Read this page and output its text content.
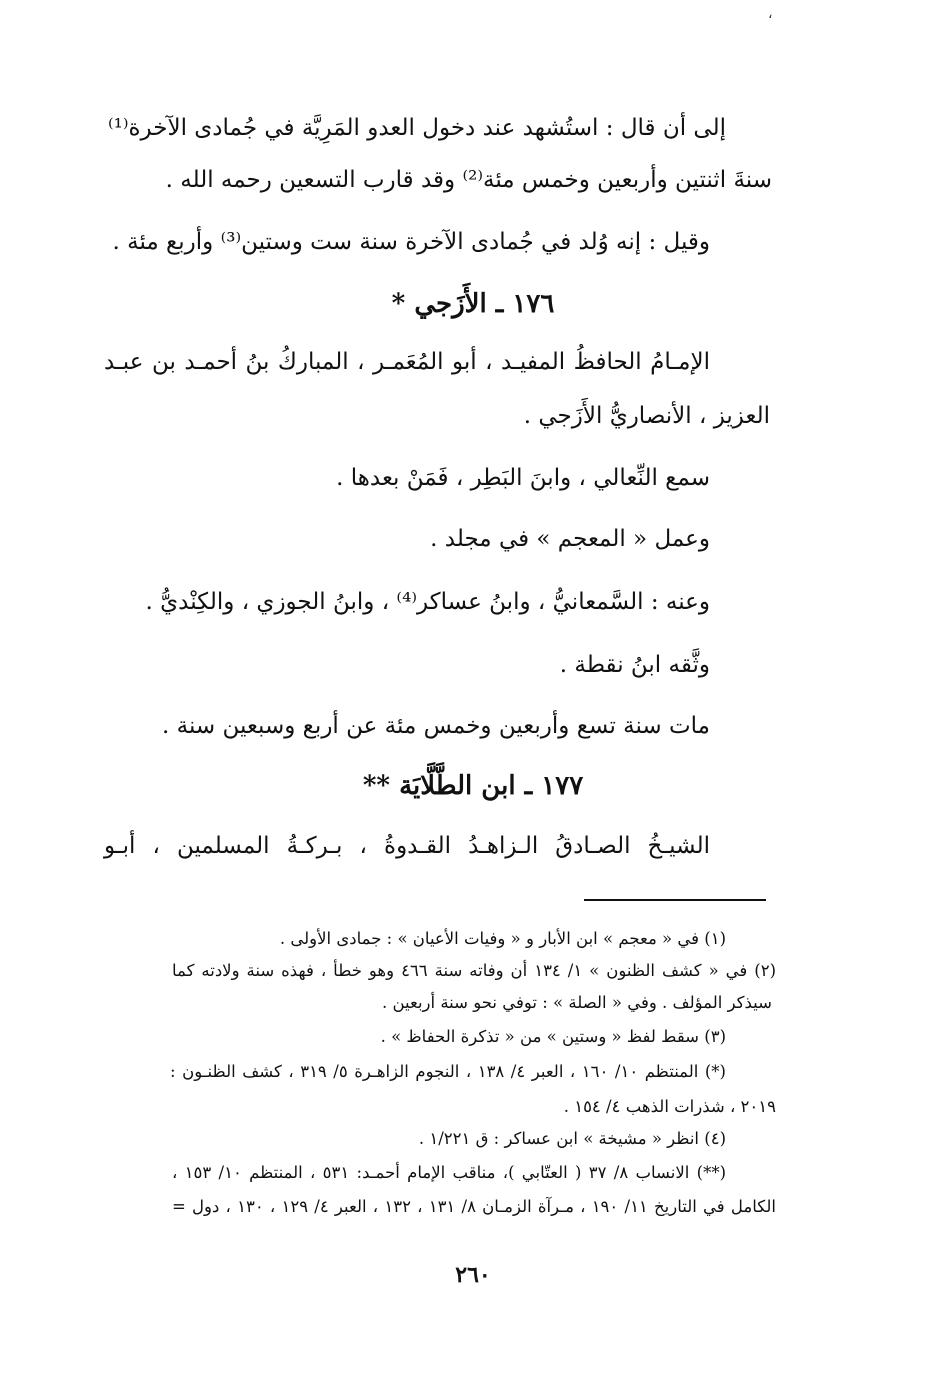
،
إلى أن قال : استُشهد عند دخول العدو المَرِيَّة في جُمادى الآخرة⁽¹⁾
سنةَ اثنتين وأربعين وخمس مئة⁽²⁾ وقد قارب التسعين رحمه الله .
وقيل : إنه وُلد في جُمادى الآخرة سنة ست وستين⁽³⁾ وأربع مئة .
١٧٦ ـ الأَزَجي *
الإمـامُ الحافظُ المفيـد ، أبو المُعَمـر ، المباركُ بنُ أحمـد بن عبـد
العزيز ، الأنصاريُّ الأَزَجي .
سمع النِّعالي ، وابنَ البَطِر ، فَمَنْ بعدها .
وعمل « المعجم » في مجلد .
وعنه : السَّمعانيُّ ، وابنُ عساكر⁽⁴⁾ ، وابنُ الجوزي ، والكِنْديُّ .
وثَّقه ابنُ نقطة .
مات سنة تسع وأربعين وخمس مئة عن أربع وسبعين سنة .
١٧٧ ـ ابن الطَّلَّايَة **
الشيـخُ الصـادقُ الـزاهـدُ القـدوةُ ، بـركـةُ المسلمين ، أبـو
(١) في « معجم » ابن الأبار و « وفيات الأعيان » : جمادى الأولى .
(٢) في « كشف الظنون » ١/ ١٣٤ أن وفاته سنة ٤٦٦ وهو خطأ ، فهذه سنة ولادته كما
سيذكر المؤلف . وفي « الصلة » : توفي نحو سنة أربعين .
(٣) سقط لفظ « وستين » من « تذكرة الحفاظ » .
(*) المنتظم ١٠/ ١٦٠ ، العبر ٤/ ١٣٨ ، النجوم الزاهـرة ٥/ ٣١٩ ، كشف الظنـون :
٢٠١٩ ، شذرات الذهب ٤/ ١٥٤ .
(٤) انظر « مشيخة » ابن عساكر : ق ١/٢٢١ .
(**) الانساب ٨/ ٣٧ ( العتّابي )، مناقب الإمام أحمـد: ٥٣١ ، المنتظم ١٠/ ١٥٣ ،
الكامل في التاريخ ١١/ ١٩٠ ، مـرآة الزمـان ٨/ ١٣١ ، ١٣٢ ، العبر ٤/ ١٢٩ ، ١٣٠ ، دول =
٢٦٠
